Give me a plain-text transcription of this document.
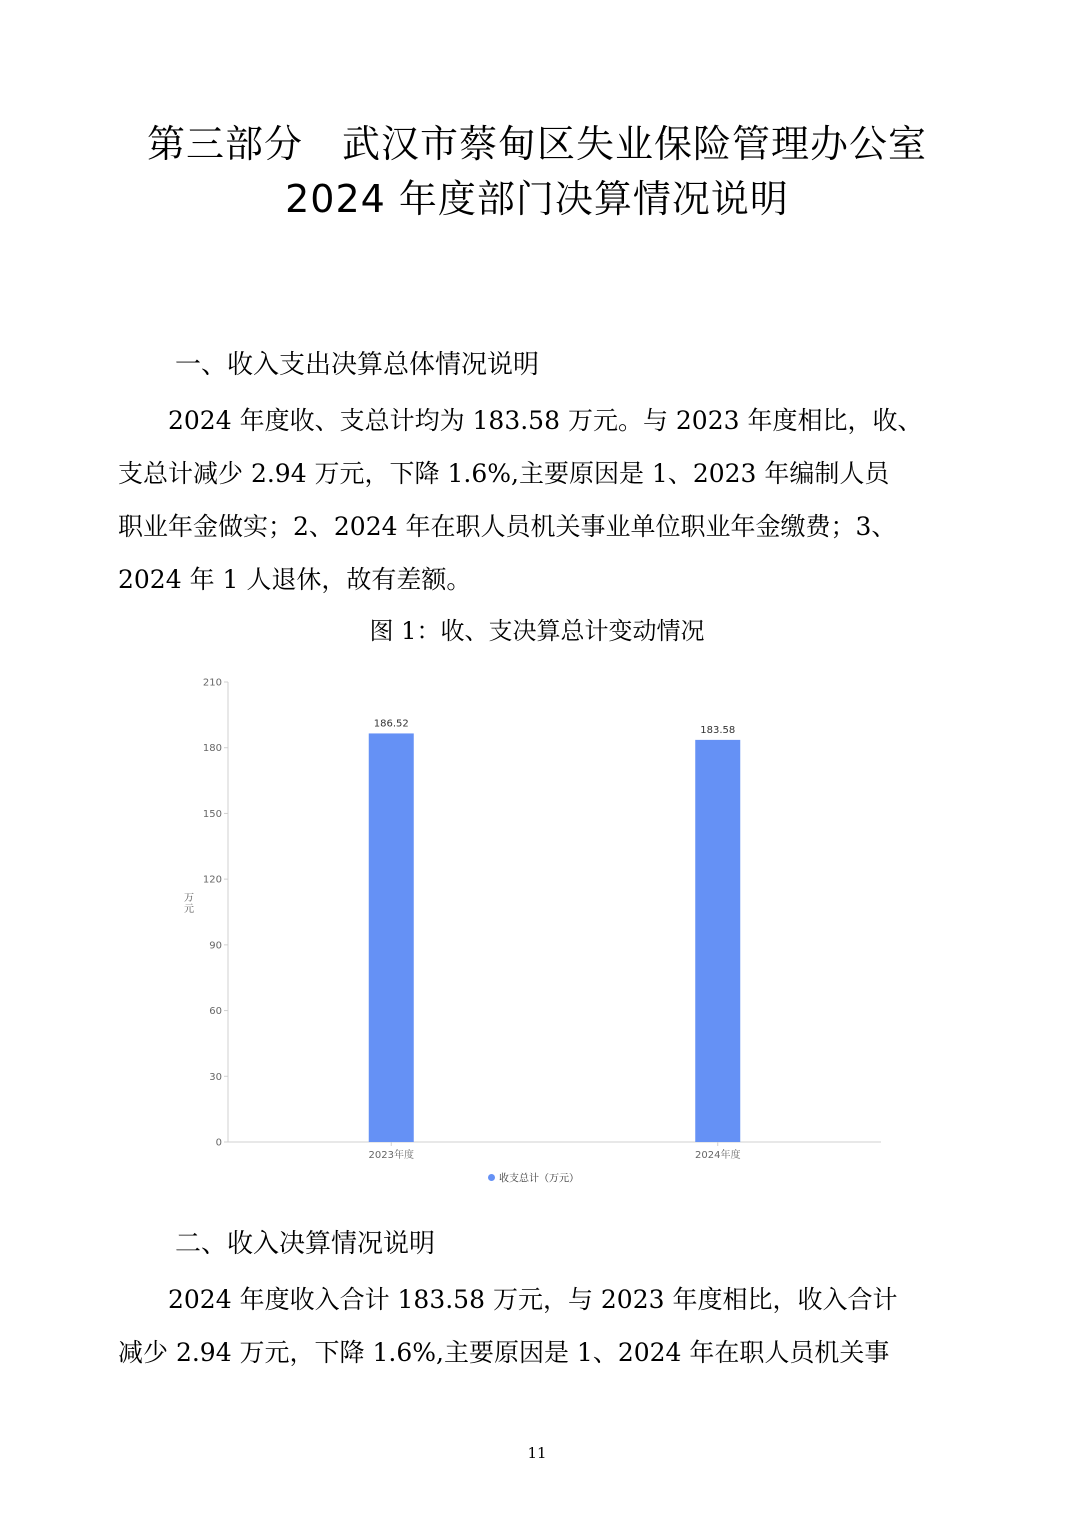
第三部分　武汉市蔡甸区失业保险管理办公室
2024 年度部门决算情况说明
一、收入支出决算总体情况说明
　　2024 年度收、支总计均为 183.58 万元。与 2023 年度相比，收、
支总计减少 2.94 万元，下降 1.6%,主要原因是 1、2023 年编制人员
职业年金做实；2、2024 年在职人员机关事业单位职业年金缴费；3、
2024 年 1 人退休，故有差额。
图 1：收、支决算总计变动情况
0
30
60
90
120
150
180
210
万
元
186.52
2023年度
183.58
2024年度
收支总计（万元）
二、收入决算情况说明
　　2024 年度收入合计 183.58 万元，与 2023 年度相比，收入合计
减少 2.94 万元，下降 1.6%,主要原因是 1、2024 年在职人员机关事
11
